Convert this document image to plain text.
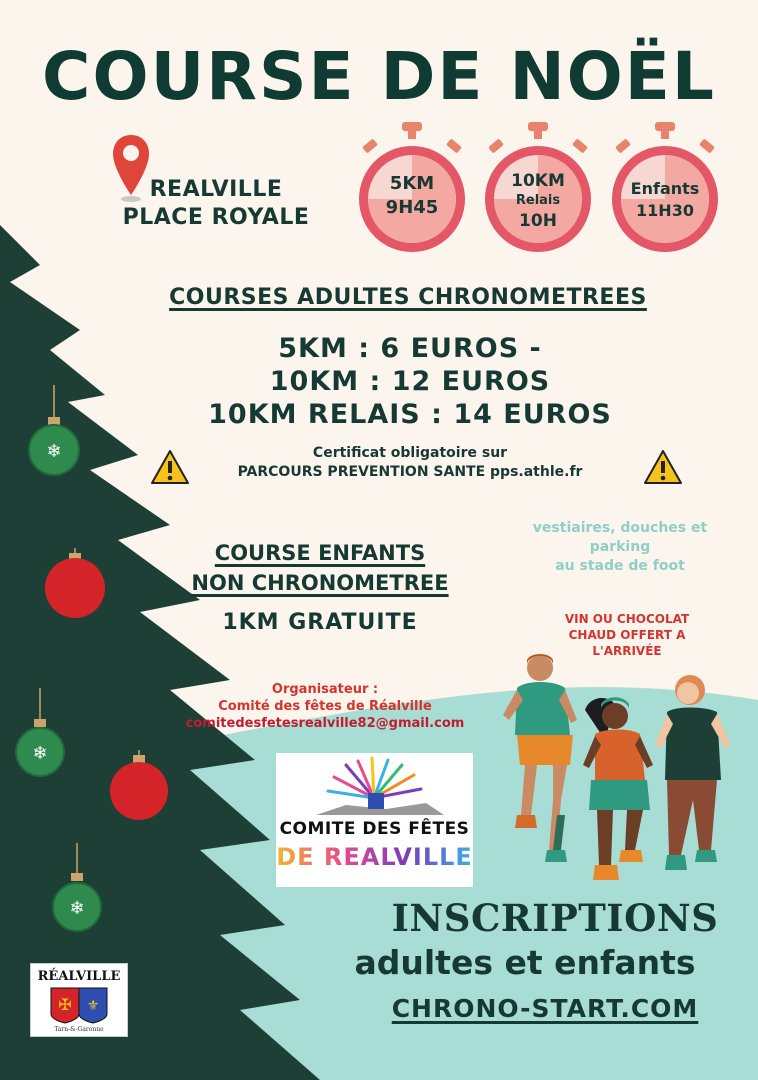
❄
❄
❄
COURSE DE NOËL
REALVILLE
PLACE ROYALE
5KM
9H45
10KM
Relais
10H
Enfants
11H30
COURSES ADULTES CHRONOMETREES
5KM : 6 EUROS -
10KM : 12 EUROS
10KM RELAIS : 14 EUROS
Certificat obligatoire sur
PARCOURS PREVENTION SANTE pps.athle.fr
COURSE ENFANTS
NON CHRONOMETREE
1KM GRATUITE
vestiaires, douches et
parking
au stade de foot
VIN OU CHOCOLAT
CHAUD OFFERT A
L'ARRIVÉE
Organisateur :
Comité des fêtes de Réalville
comitedesfetesrealville82@gmail.com
COMITE DES FÊTES
DE REALVILLE
INSCRIPTIONS
adultes et enfants
CHRONO-START.COM
RÉALVILLE
✠ ⚜
Tarn-&-Garonne
